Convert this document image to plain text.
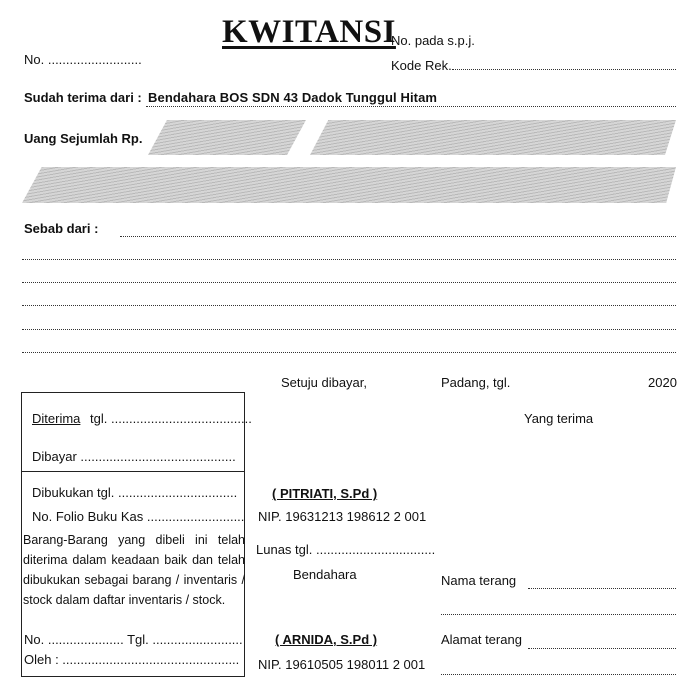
KWITANSI
No. ..........................
No. pada s.p.j.
Kode Rek.
Sudah terima dari : Bendahara BOS SDN 43 Dadok Tunggul Hitam
Uang Sejumlah Rp.
Sebab dari :
Diterima tgl. .......................................
Dibayar ...........................................
Dibukukan tgl. .................................
No. Folio Buku Kas ...........................
Barang-Barang yang dibeli ini telah diterima dalam keadaan baik dan telah dibukukan sebagai barang / inventaris / stock dalam daftar inventaris / stock.
No. ..................... Tgl. .........................
Oleh : .................................................
Setuju dibayar,
( PITRIATI, S.Pd )
NIP. 19631213 198612 2 001
Lunas tgl. .................................
Bendahara
( ARNIDA, S.Pd )
NIP. 19610505 198011 2 001
Padang, tgl.	2020
Yang terima
Nama terang
Alamat terang
